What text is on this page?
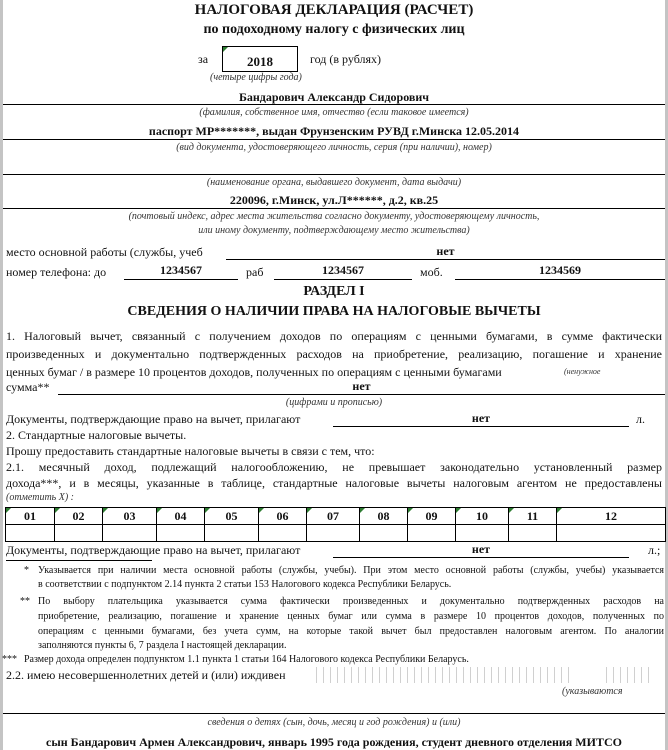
НАЛОГОВАЯ ДЕКЛАРАЦИЯ (РАСЧЕТ)
по подоходному налогу с физических лиц
за	2018	год (в рублях)
(четыре цифры года)
Бандарович Александр Сидорович
(фамилия, собственное имя, отчество (если таковое имеется)
паспорт МР*******, выдан Фрунзенским РУВД г.Минска 12.05.2014
(вид документа, удостоверяющего личность, серия (при наличии), номер)
(наименование органа, выдавшего документ, дата выдачи)
220096, г.Минск, ул.Л******, д.2, кв.25
(почтовый индекс, адрес места жительства согласно документу, удостоверяющему личность,
или иному документу, подтверждающему место жительства)
место основной работы (службы, учеб	нет
номер телефона: до	1234567	раб	1234567	моб.	1234569
РАЗДЕЛ I
СВЕДЕНИЯ О НАЛИЧИИ ПРАВА НА НАЛОГОВЫЕ ВЫЧЕТЫ
1. Налоговый вычет, связанный с получением доходов по операциям с ценными бумагами, в сумме фактически
произведенных и документально подтвержденных расходов на приобретение, реализацию, погашение и хранение
ценных бумаг / в размере 10 процентов доходов, полученных по операциям с ценными бумагами	(ненужное
сумма**	нет
(цифрами и прописью)
Документы, подтверждающие право на вычет, прилагают	нет	л.
2. Стандартные налоговые вычеты.
Прошу предоставить стандартные налоговые вычеты в связи с тем, что:
2.1. месячный доход, подлежащий налогообложению, не превышает законодательно установленный размер
дохода***, и в месяцы, указанные в таблице, стандартные налоговые вычеты налоговым агентом не предоставлены
(отметить Х) :
01	02	03	04	05	06	07	08	09	10	11	12

Документы, подтверждающие право на вычет, прилагают	нет	л.;
* Указывается при наличии места основной работы (службы, учебы). При этом место основной работы (службы, учебы) указывается
в соответствии с подпунктом 2.14 пункта 2 статьи 153 Налогового кодекса Республики Беларусь.
** По выбору плательщика указывается сумма фактически произведенных и документально подтвержденных расходов на
приобретение, реализацию, погашение и хранение ценных бумаг или сумма в размере 10 процентов доходов, полученных по
операциям с ценными бумагами, без учета сумм, на которые такой вычет был предоставлен налоговым агентом. По аналогии
заполняются пункты 6, 7 раздела I настоящей декларации.
*** Размер дохода определен подпунктом 1.1 пункта 1 статьи 164 Налогового кодекса Республики Беларусь.
2.2. имею несовершеннолетних детей и (или) иждивен
(указываются
сведения о детях (сын, дочь, месяц и год рождения) и (или)
сын Бандарович Армен Александрович, январь 1995 года рождения, студент дневного отделения МИТСО
